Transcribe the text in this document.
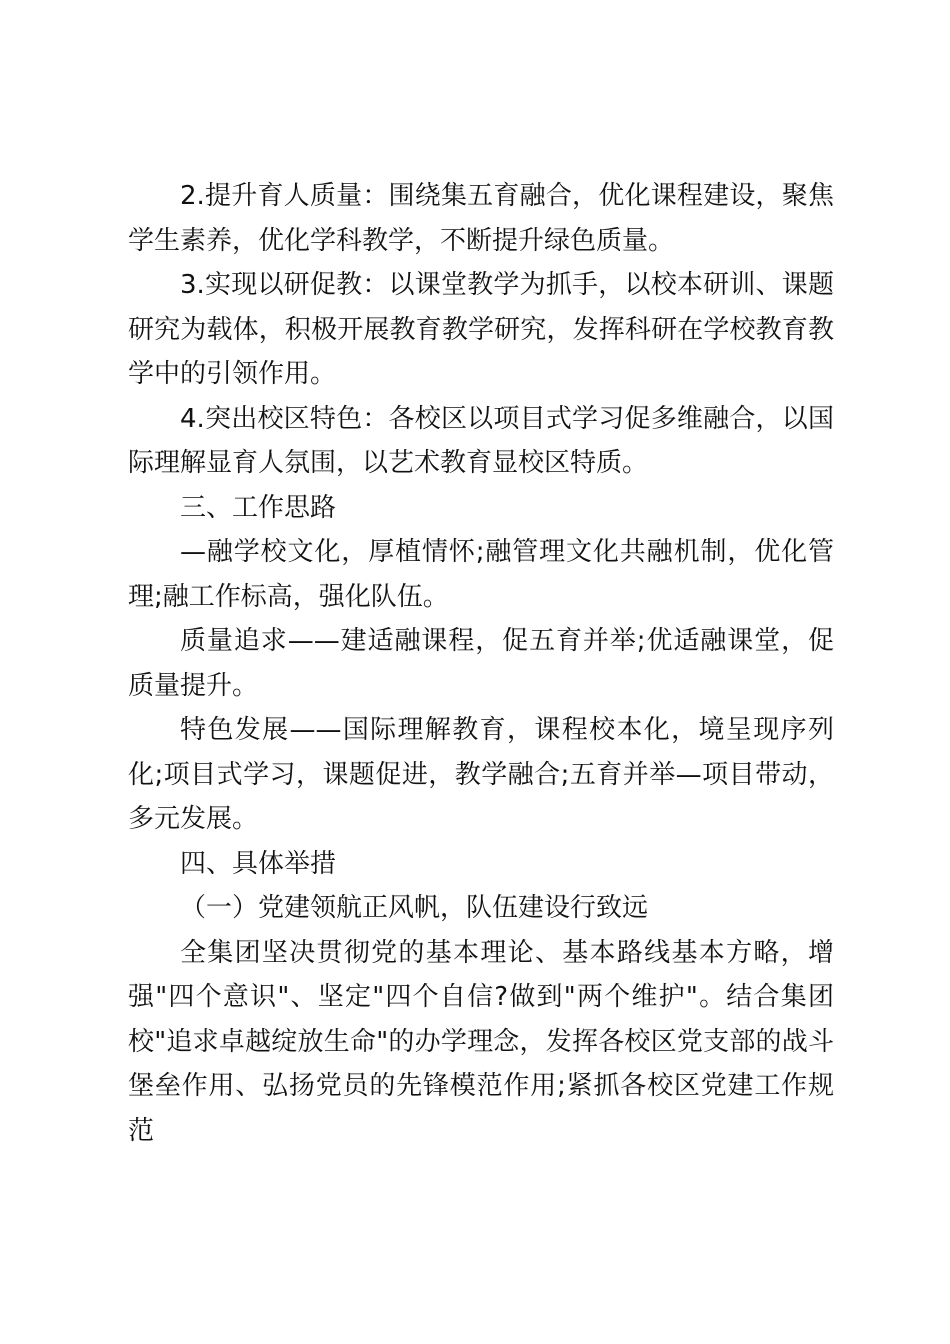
2.提升育人质量：围绕集五育融合，优化课程建设，聚焦学生素养，优化学科教学，不断提升绿色质量。

3.实现以研促教：以课堂教学为抓手，以校本研训、课题研究为载体，积极开展教育教学研究，发挥科研在学校教育教学中的引领作用。

4.突出校区特色：各校区以项目式学习促多维融合，以国际理解显育人氛围，以艺术教育显校区特质。

三、工作思路

—融学校文化，厚植情怀;融管理文化共融机制，优化管理;融工作标高，强化队伍。

质量追求——建适融课程，促五育并举;优适融课堂，促质量提升。

特色发展——国际理解教育，课程校本化，境呈现序列化;项目式学习，课题促进，教学融合;五育并举—项目带动，多元发展。

四、具体举措

（一）党建领航正风帆，队伍建设行致远

全集团坚决贯彻党的基本理论、基本路线基本方略，增强"四个意识"、坚定"四个自信?做到"两个维护"。结合集团校"追求卓越绽放生命"的办学理念，发挥各校区党支部的战斗堡垒作用、弘扬党员的先锋模范作用;紧抓各校区党建工作规范
